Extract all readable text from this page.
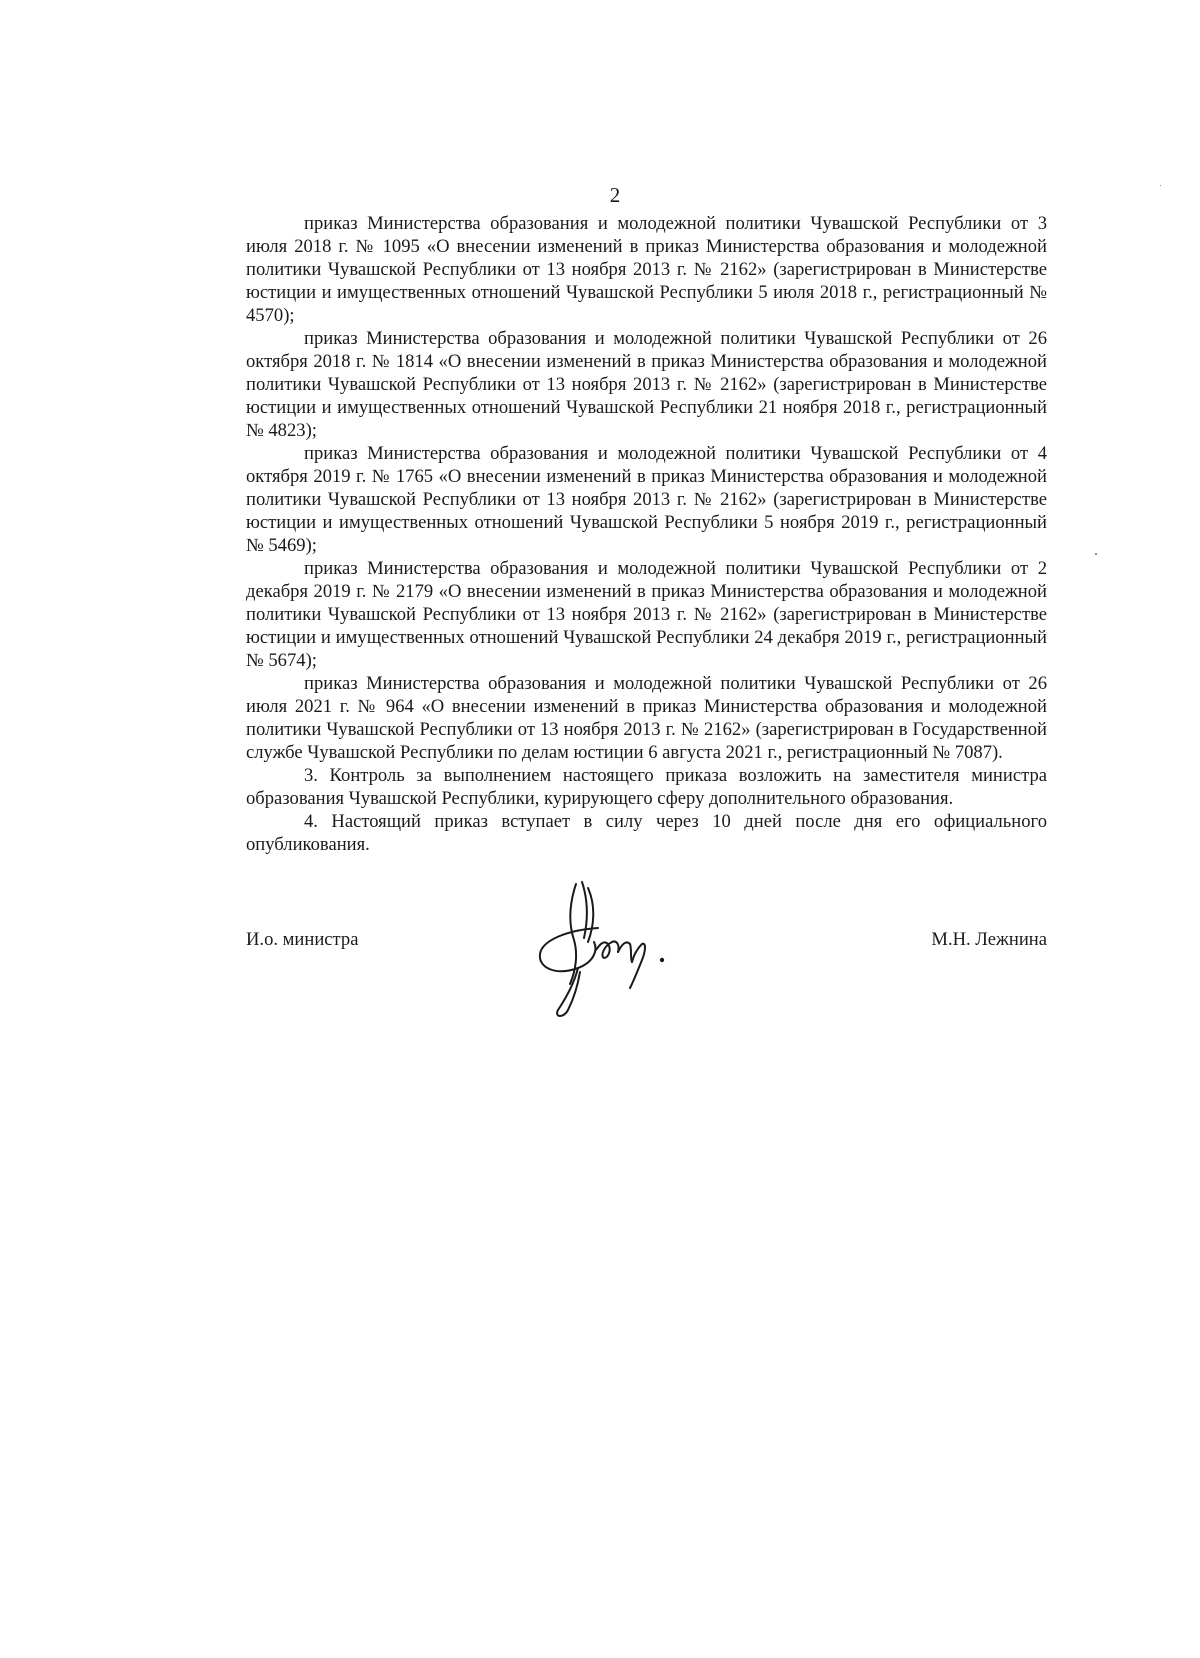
2

приказ Министерства образования и молодежной политики Чувашской Республики от 3 июля 2018 г. № 1095 «О внесении изменений в приказ Министерства образования и молодежной политики Чувашской Республики от 13 ноября 2013 г. № 2162» (зарегистрирован в Министерстве юстиции и имущественных отношений Чувашской Республики 5 июля 2018 г., регистрационный № 4570);

приказ Министерства образования и молодежной политики Чувашской Республики от 26 октября 2018 г. № 1814 «О внесении изменений в приказ Министерства образования и молодежной политики Чувашской Республики от 13 ноября 2013 г. № 2162» (зарегистрирован в Министерстве юстиции и имущественных отношений Чувашской Республики 21 ноября 2018 г., регистрационный № 4823);

приказ Министерства образования и молодежной политики Чувашской Республики от 4 октября 2019 г. № 1765 «О внесении изменений в приказ Министерства образования и молодежной политики Чувашской Республики от 13 ноября 2013 г. № 2162» (зарегистрирован в Министерстве юстиции и имущественных отношений Чувашской Республики 5 ноября 2019 г., регистрационный № 5469);

приказ Министерства образования и молодежной политики Чувашской Республики от 2 декабря 2019 г. № 2179 «О внесении изменений в приказ Министерства образования и молодежной политики Чувашской Республики от 13 ноября 2013 г. № 2162» (зарегистрирован в Министерстве юстиции и имущественных отношений Чувашской Республики 24 декабря 2019 г., регистрационный № 5674);

приказ Министерства образования и молодежной политики Чувашской Республики от 26 июля 2021 г. № 964 «О внесении изменений в приказ Министерства образования и молодежной политики Чувашской Республики от 13 ноября 2013 г. № 2162» (зарегистрирован в Государственной службе Чувашской Республики по делам юстиции 6 августа 2021 г., регистрационный № 7087).

3. Контроль за выполнением настоящего приказа возложить на заместителя министра образования Чувашской Республики, курирующего сферу дополнительного образования.

4. Настоящий приказ вступает в силу через 10 дней после дня его официального опубликования.

И.о. министра	М.Н. Лежнина
